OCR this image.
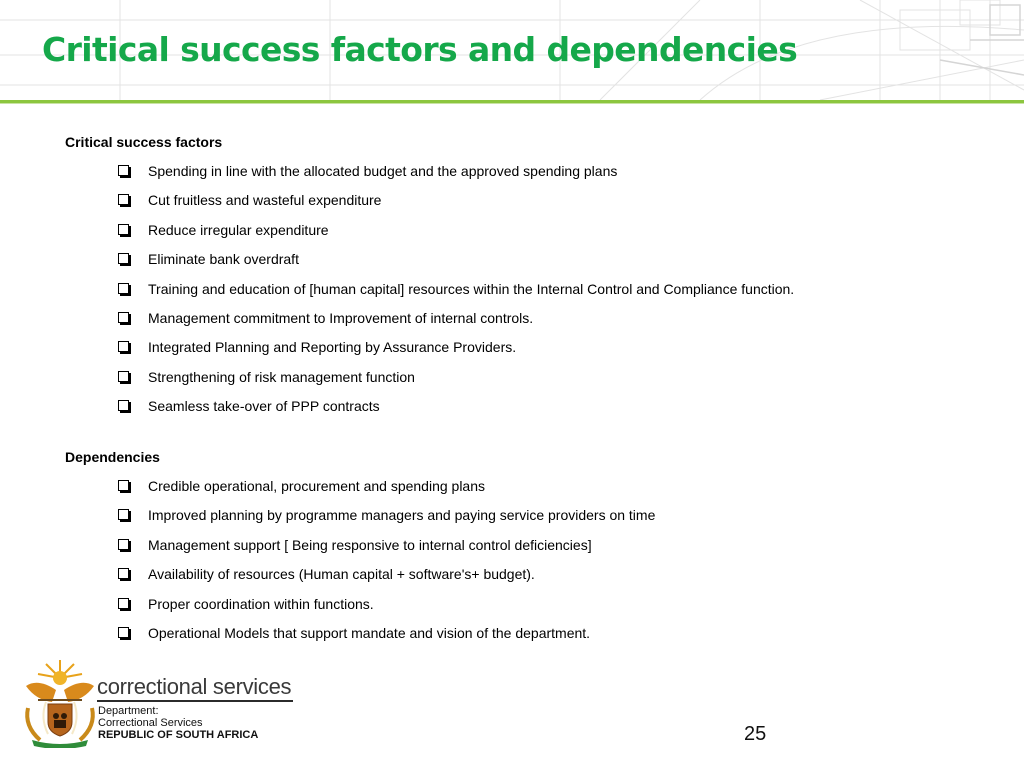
Critical success factors and dependencies
Critical success factors
Spending in line with the allocated budget and the approved spending plans
Cut fruitless and wasteful expenditure
Reduce irregular expenditure
Eliminate bank overdraft
Training and education of [human capital] resources within the Internal Control and Compliance function.
Management commitment to Improvement of internal controls.
Integrated Planning and Reporting by Assurance Providers.
Strengthening of risk management function
Seamless take-over of PPP contracts
Dependencies
Credible operational, procurement and spending plans
Improved planning by programme managers and paying service providers on time
Management support [ Being responsive to internal control deficiencies]
Availability of resources (Human capital + software's+ budget).
Proper coordination within functions.
Operational Models that support mandate and vision of the department.
correctional services
Department:
Correctional Services
REPUBLIC OF SOUTH AFRICA	25
